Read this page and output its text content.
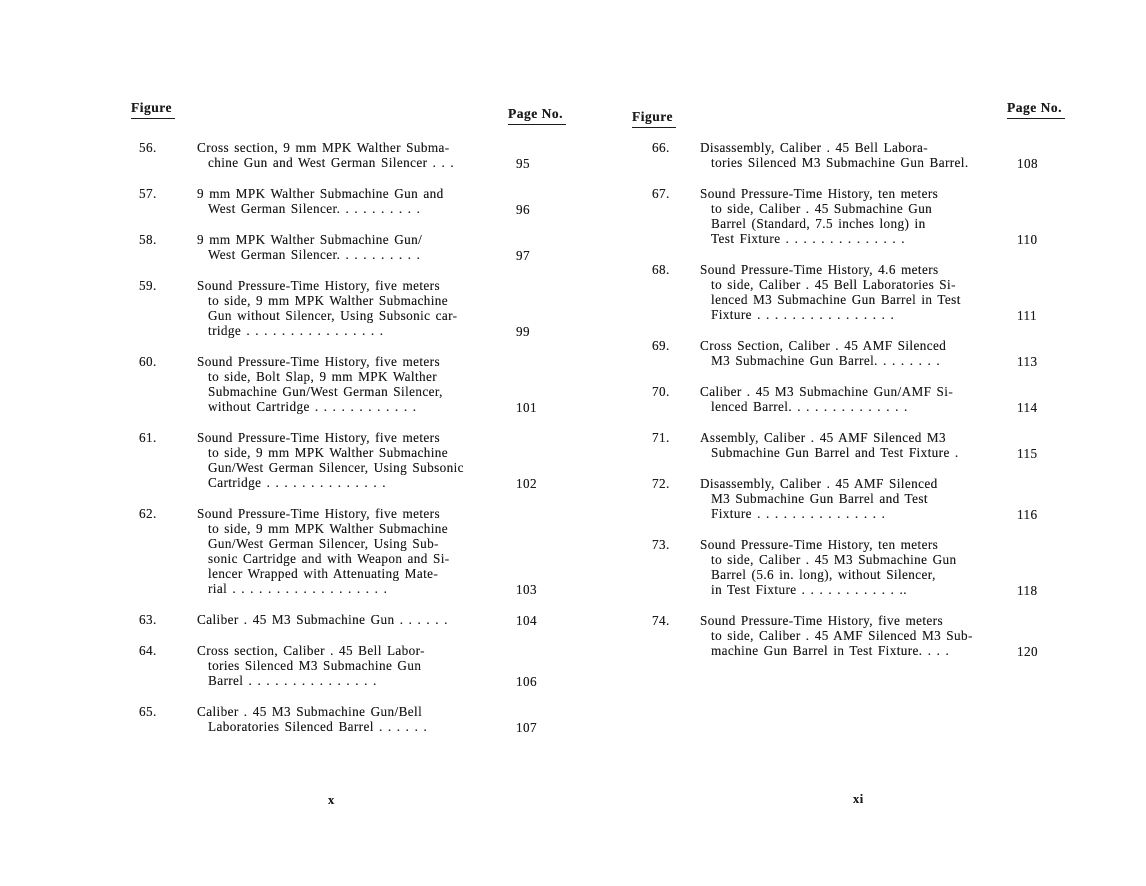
Figure	Page No.
56.	Cross section, 9 mm MPK Walther Subma-
chine Gun and West German Silencer . . .	95
57.	9 mm MPK Walther Submachine Gun and
West German Silencer. . . . . . . . . .	96
58.	9 mm MPK Walther Submachine Gun/
West German Silencer. . . . . . . . . .	97
59.	Sound Pressure-Time History, five meters
to side, 9 mm MPK Walther Submachine
Gun without Silencer, Using Subsonic car-
tridge . . . . . . . . . . . . . . . .	99
60.	Sound Pressure-Time History, five meters
to side, Bolt Slap, 9 mm MPK Walther
Submachine Gun/West German Silencer,
without Cartridge . . . . . . . . . . . .	101
61.	Sound Pressure-Time History, five meters
to side, 9 mm MPK Walther Submachine
Gun/West German Silencer, Using Subsonic
Cartridge . . . . . . . . . . . . . .	102
62.	Sound Pressure-Time History, five meters
to side, 9 mm MPK Walther Submachine
Gun/West German Silencer, Using Sub-
sonic Cartridge and with Weapon and Si-
lencer Wrapped with Attenuating Mate-
rial . . . . . . . . . . . . . . . . . .	103
63.	Caliber . 45 M3 Submachine Gun . . . . . .	104
64.	Cross section, Caliber . 45 Bell Labor-
tories Silenced M3 Submachine Gun
Barrel . . . . . . . . . . . . . . .	106
65.	Caliber . 45 M3 Submachine Gun/Bell
Laboratories Silenced Barrel . . . . . .	107
Figure
Page No.
66.	Disassembly, Caliber . 45 Bell Labora-
tories Silenced M3 Submachine Gun Barrel.	108
67.	Sound Pressure-Time History, ten meters
to side, Caliber . 45 Submachine Gun
Barrel (Standard, 7.5 inches long) in
Test Fixture . . . . . . . . . . . . . .	110
68.	Sound Pressure-Time History, 4.6 meters
to side, Caliber . 45 Bell Laboratories Si-
lenced M3 Submachine Gun Barrel in Test
Fixture . . . . . . . . . . . . . . . .	111
69.	Cross Section, Caliber . 45 AMF Silenced
M3 Submachine Gun Barrel. . . . . . . .	113
70.	Caliber . 45 M3 Submachine Gun/AMF Si-
lenced Barrel. . . . . . . . . . . . . .	114
71.	Assembly, Caliber . 45 AMF Silenced M3
Submachine Gun Barrel and Test Fixture .	115
72.	Disassembly, Caliber . 45 AMF Silenced
M3 Submachine Gun Barrel and Test
Fixture . . . . . . . . . . . . . . .	116
73.	Sound Pressure-Time History, ten meters
to side, Caliber . 45 M3 Submachine Gun
Barrel (5.6 in. long), without Silencer,
in Test Fixture . . . . . . . . . . . ..	118
74.	Sound Pressure-Time History, five meters
to side, Caliber . 45 AMF Silenced M3 Sub-
machine Gun Barrel in Test Fixture. . . .	120
x	xi
